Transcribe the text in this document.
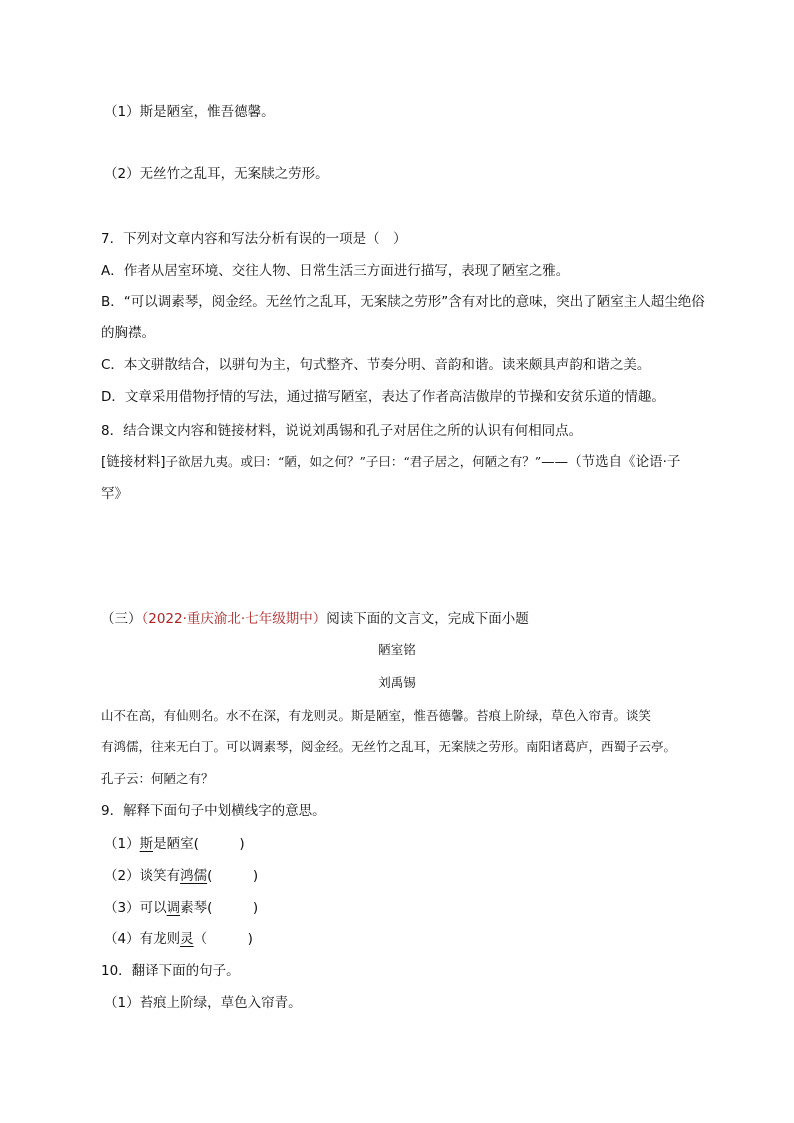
（1）斯是陋室，惟吾德馨。
（2）无丝竹之乱耳，无案牍之劳形。
7．下列对文章内容和写法分析有误的一项是（　）
A．作者从居室环境、交往人物、日常生活三方面进行描写，表现了陋室之雅。
B．“可以调素琴，阅金经。无丝竹之乱耳，无案牍之劳形”含有对比的意味，突出了陋室主人超尘绝俗
的胸襟。
C．本文骈散结合，以骈句为主，句式整齐、节奏分明、音韵和谐。读来颇具声韵和谐之美。
D．文章采用借物抒情的写法，通过描写陋室，表达了作者高洁傲岸的节操和安贫乐道的情趣。
8．结合课文内容和链接材料，说说刘禹锡和孔子对居住之所的认识有何相同点。
[链接材料]子欲居九夷。或曰：“陋，如之何？”子曰：“君子居之，何陋之有？”——（节选自《论语·子
罕》
（三）（2022·重庆渝北·七年级期中）阅读下面的文言文，完成下面小题
陋室铭
刘禹锡
山不在高，有仙则名。水不在深，有龙则灵。斯是陋室，惟吾德馨。苔痕上阶绿，草色入帘青。谈笑
有鸿儒，往来无白丁。可以调素琴，阅金经。无丝竹之乱耳，无案牍之劳形。南阳诸葛庐，西蜀子云亭。
孔子云：何陋之有？
9．解释下面句子中划横线字的意思。
（1）斯是陋室(　　　)
（2）谈笑有鸿儒(　　　)
（3）可以调素琴(　　　)
（4）有龙则灵（　　　)
10．翻译下面的句子。
（1）苔痕上阶绿，草色入帘青。
